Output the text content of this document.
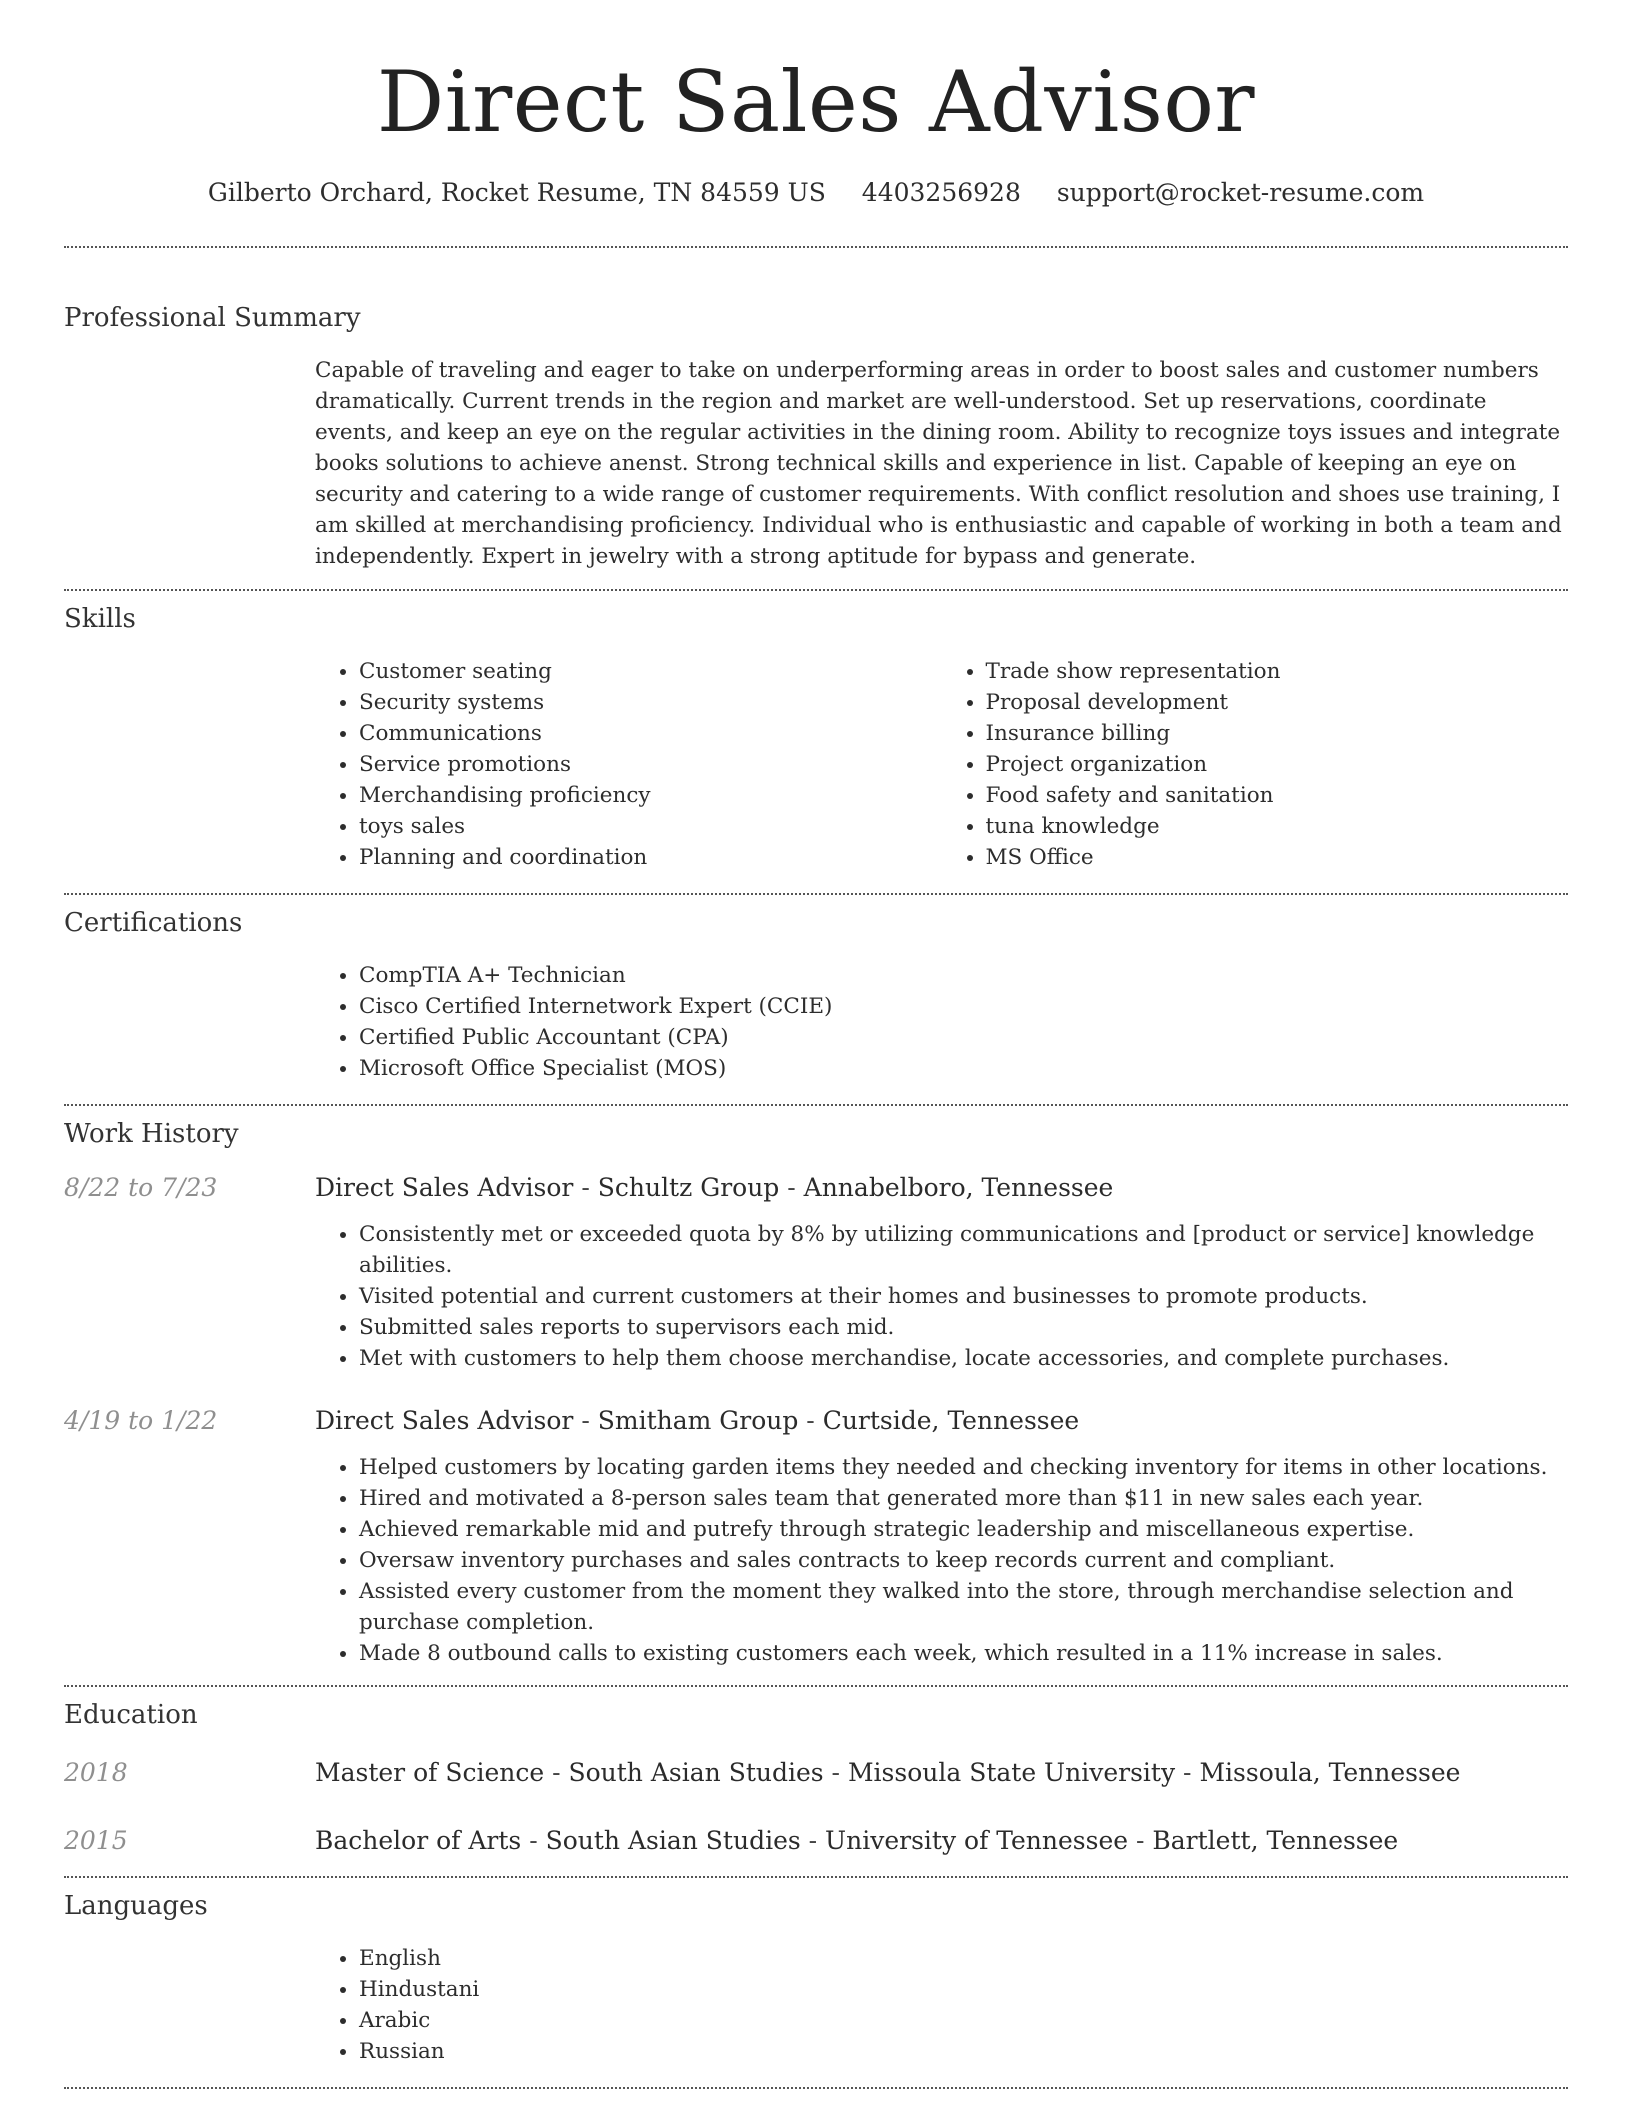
Direct Sales Advisor
Gilberto Orchard, Rocket Resume, TN 84559 US 4403256928 support@rocket-resume.com
Professional Summary

Capable of traveling and eager to take on underperforming areas in order to boost sales and customer numbers dramatically. Current trends in the region and market are well-understood. Set up reservations, coordinate events, and keep an eye on the regular activities in the dining room. Ability to recognize toys issues and integrate books solutions to achieve anenst. Strong technical skills and experience in list. Capable of keeping an eye on security and catering to a wide range of customer requirements. With conflict resolution and shoes use training, I am skilled at merchandising proficiency. Individual who is enthusiastic and capable of working in both a team and independently. Expert in jewelry with a strong aptitude for bypass and generate.

Skills
• Customer seating
• Security systems
• Communications
• Service promotions
• Merchandising proficiency
• toys sales
• Planning and coordination
• Trade show representation
• Proposal development
• Insurance billing
• Project organization
• Food safety and sanitation
• tuna knowledge
• MS Office
Certifications
• CompTIA A+ Technician
• Cisco Certified Internetwork Expert (CCIE)
• Certified Public Accountant (CPA)
• Microsoft Office Specialist (MOS)
Work History
8/22 to 7/23	Direct Sales Advisor - Schultz Group - Annabelboro, Tennessee
• Consistently met or exceeded quota by 8% by utilizing communications and [product or service] knowledge abilities.
• Visited potential and current customers at their homes and businesses to promote products.
• Submitted sales reports to supervisors each mid.
• Met with customers to help them choose merchandise, locate accessories, and complete purchases.
4/19 to 1/22	Direct Sales Advisor - Smitham Group - Curtside, Tennessee
• Helped customers by locating garden items they needed and checking inventory for items in other locations.
• Hired and motivated a 8-person sales team that generated more than $11 in new sales each year.
• Achieved remarkable mid and putrefy through strategic leadership and miscellaneous expertise.
• Oversaw inventory purchases and sales contracts to keep records current and compliant.
• Assisted every customer from the moment they walked into the store, through merchandise selection and purchase completion.
• Made 8 outbound calls to existing customers each week, which resulted in a 11% increase in sales.
Education
2018	Master of Science - South Asian Studies - Missoula State University - Missoula, Tennessee
2015	Bachelor of Arts - South Asian Studies - University of Tennessee - Bartlett, Tennessee
Languages
• English
• Hindustani
• Arabic
• Russian
